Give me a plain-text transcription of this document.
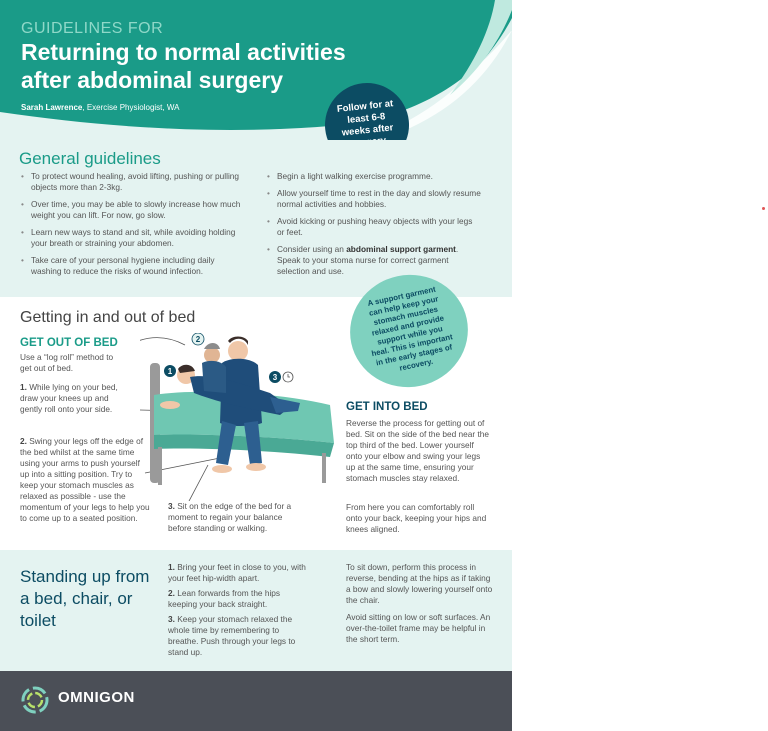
GUIDELINES FOR
Returning to normal activities
after abdominal surgery
Sarah Lawrence, Exercise Physiologist, WA	Follow for at least 6-8 weeks after
General guidelines
• To protect wound healing, avoid lifting, pushing or pulling objects more than 2-3kg.
• Over time, you may be able to slowly increase how much weight you can lift. For now, go slow.
• Learn new ways to stand and sit, while avoiding holding your breath or straining your abdomen.
• Take care of your personal hygiene including daily washing to reduce the risks of wound infection.
• Begin a light walking exercise programme.
• Allow yourself time to rest in the day and slowly resume normal activities and hobbies.
• Avoid kicking or pushing heavy objects with your legs or feet.
• Consider using an abdominal support garment. Speak to your stoma nurse for correct garment selection and use.
Getting in and out of bed
GET OUT OF BED

Use a “log roll” method to get out of bed.

1. While lying on your bed, draw your knees up and gently roll onto your side.

2. Swing your legs off the edge of the bed whilst at the same time using your arms to push yourself up into a sitting position. Try to keep your stomach muscles as relaxed as possible - use the momentum of your legs to help you to come up to a seated position.

3. Sit on the edge of the bed for a moment to regain your balance before standing or walking.

1
2
3
GET INTO BED

Reverse the process for getting out of bed. Sit on the side of the bed near the top third of the bed. Lower yourself onto your elbow and swing your legs up at the same time, ensuring your stomach muscles stay relaxed.

From here you can comfortably roll onto your back, keeping your hips and knees aligned.

A support garment can help keep your stomach muscles relaxed and provide support while you heal. This is important in the early stages of recovery.
Standing up from a bed, chair, or toilet

1. Bring your feet in close to you, with your feet hip-width apart.

2. Lean forwards from the hips keeping your back straight.

3. Keep your stomach relaxed the whole time by remembering to breathe. Push through your legs to stand up.

To sit down, perform this process in reverse, bending at the hips as if taking a bow and slowly lowering yourself onto the chair.

Avoid sitting on low or soft surfaces. An over-the-toilet frame may be helpful in the short term.

OMNIGON
